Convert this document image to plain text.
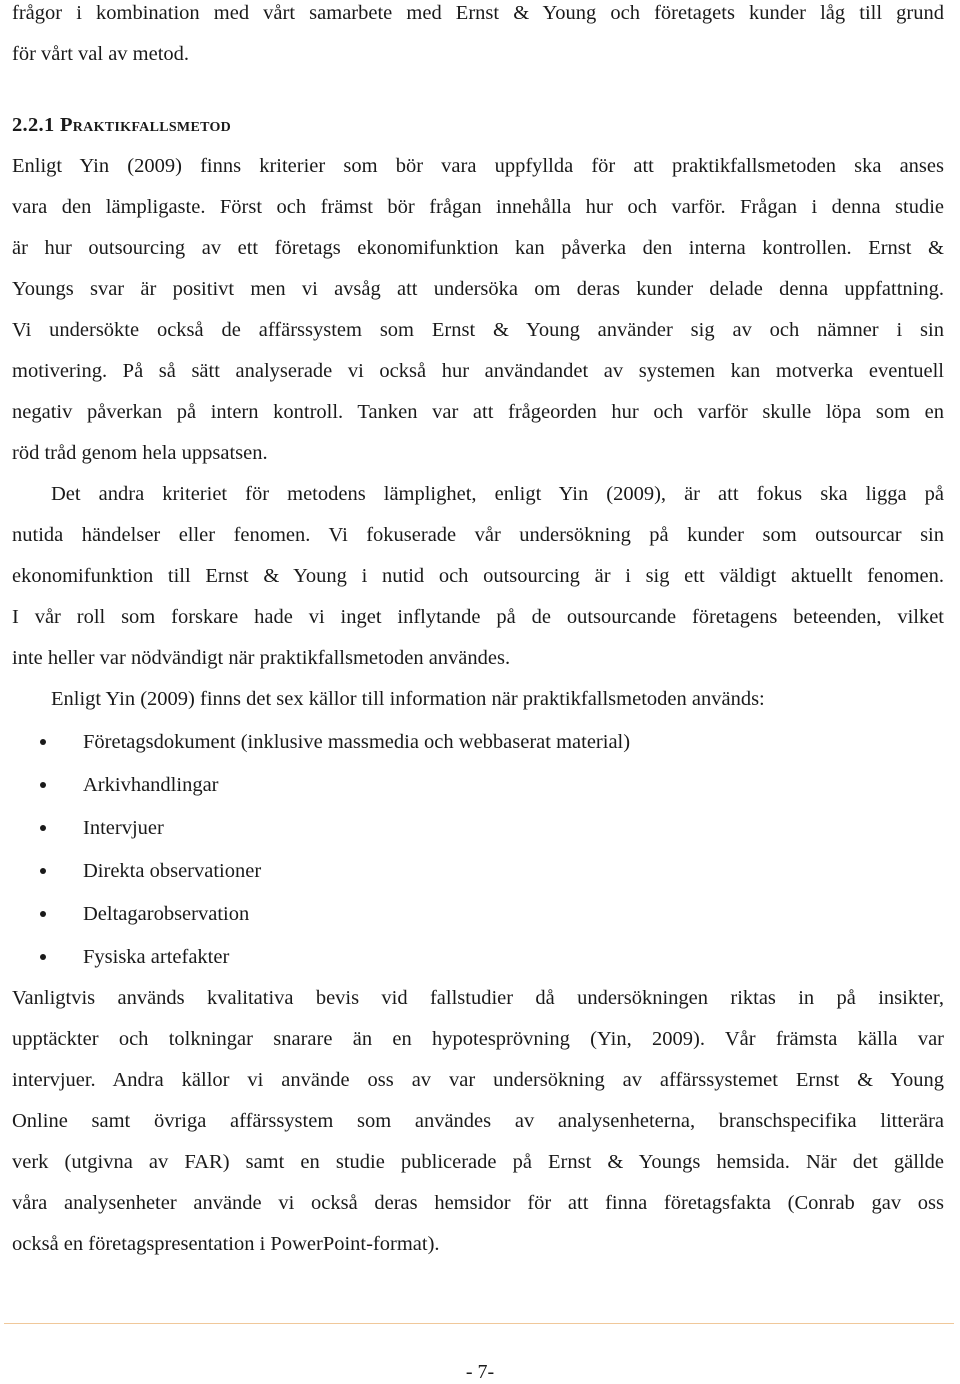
frågor i kombination med vårt samarbete med Ernst & Young och företagets kunder låg till grund
för vårt val av metod.
2.2.1 Praktikfallsmetod
Enligt Yin (2009) finns kriterier som bör vara uppfyllda för att praktikfallsmetoden ska anses
vara den lämpligaste. Först och främst bör frågan innehålla hur och varför. Frågan i denna studie
är hur outsourcing av ett företags ekonomifunktion kan påverka den interna kontrollen. Ernst &
Youngs svar är positivt men vi avsåg att undersöka om deras kunder delade denna uppfattning.
Vi undersökte också de affärssystem som Ernst & Young använder sig av och nämner i sin
motivering. På så sätt analyserade vi också hur användandet av systemen kan motverka eventuell
negativ påverkan på intern kontroll. Tanken var att frågeorden hur och varför skulle löpa som en
röd tråd genom hela uppsatsen.
Det andra kriteriet för metodens lämplighet, enligt Yin (2009), är att fokus ska ligga på
nutida händelser eller fenomen. Vi fokuserade vår undersökning på kunder som outsourcar sin
ekonomifunktion till Ernst & Young i nutid och outsourcing är i sig ett väldigt aktuellt fenomen.
I vår roll som forskare hade vi inget inflytande på de outsourcande företagens beteenden, vilket
inte heller var nödvändigt när praktikfallsmetoden användes.
Enligt Yin (2009) finns det sex källor till information när praktikfallsmetoden används:
Företagsdokument (inklusive massmedia och webbaserat material)
Arkivhandlingar
Intervjuer
Direkta observationer
Deltagarobservation
Fysiska artefakter
Vanligtvis används kvalitativa bevis vid fallstudier då undersökningen riktas in på insikter,
upptäckter och tolkningar snarare än en hypotesprövning (Yin, 2009). Vår främsta källa var
intervjuer. Andra källor vi använde oss av var undersökning av affärssystemet Ernst & Young
Online samt övriga affärssystem som användes av analysenheterna, branschspecifika litterära
verk (utgivna av FAR) samt en studie publicerade på Ernst & Youngs hemsida. När det gällde
våra analysenheter använde vi också deras hemsidor för att finna företagsfakta (Conrab gav oss
också en företagspresentation i PowerPoint-format).
- 7-
